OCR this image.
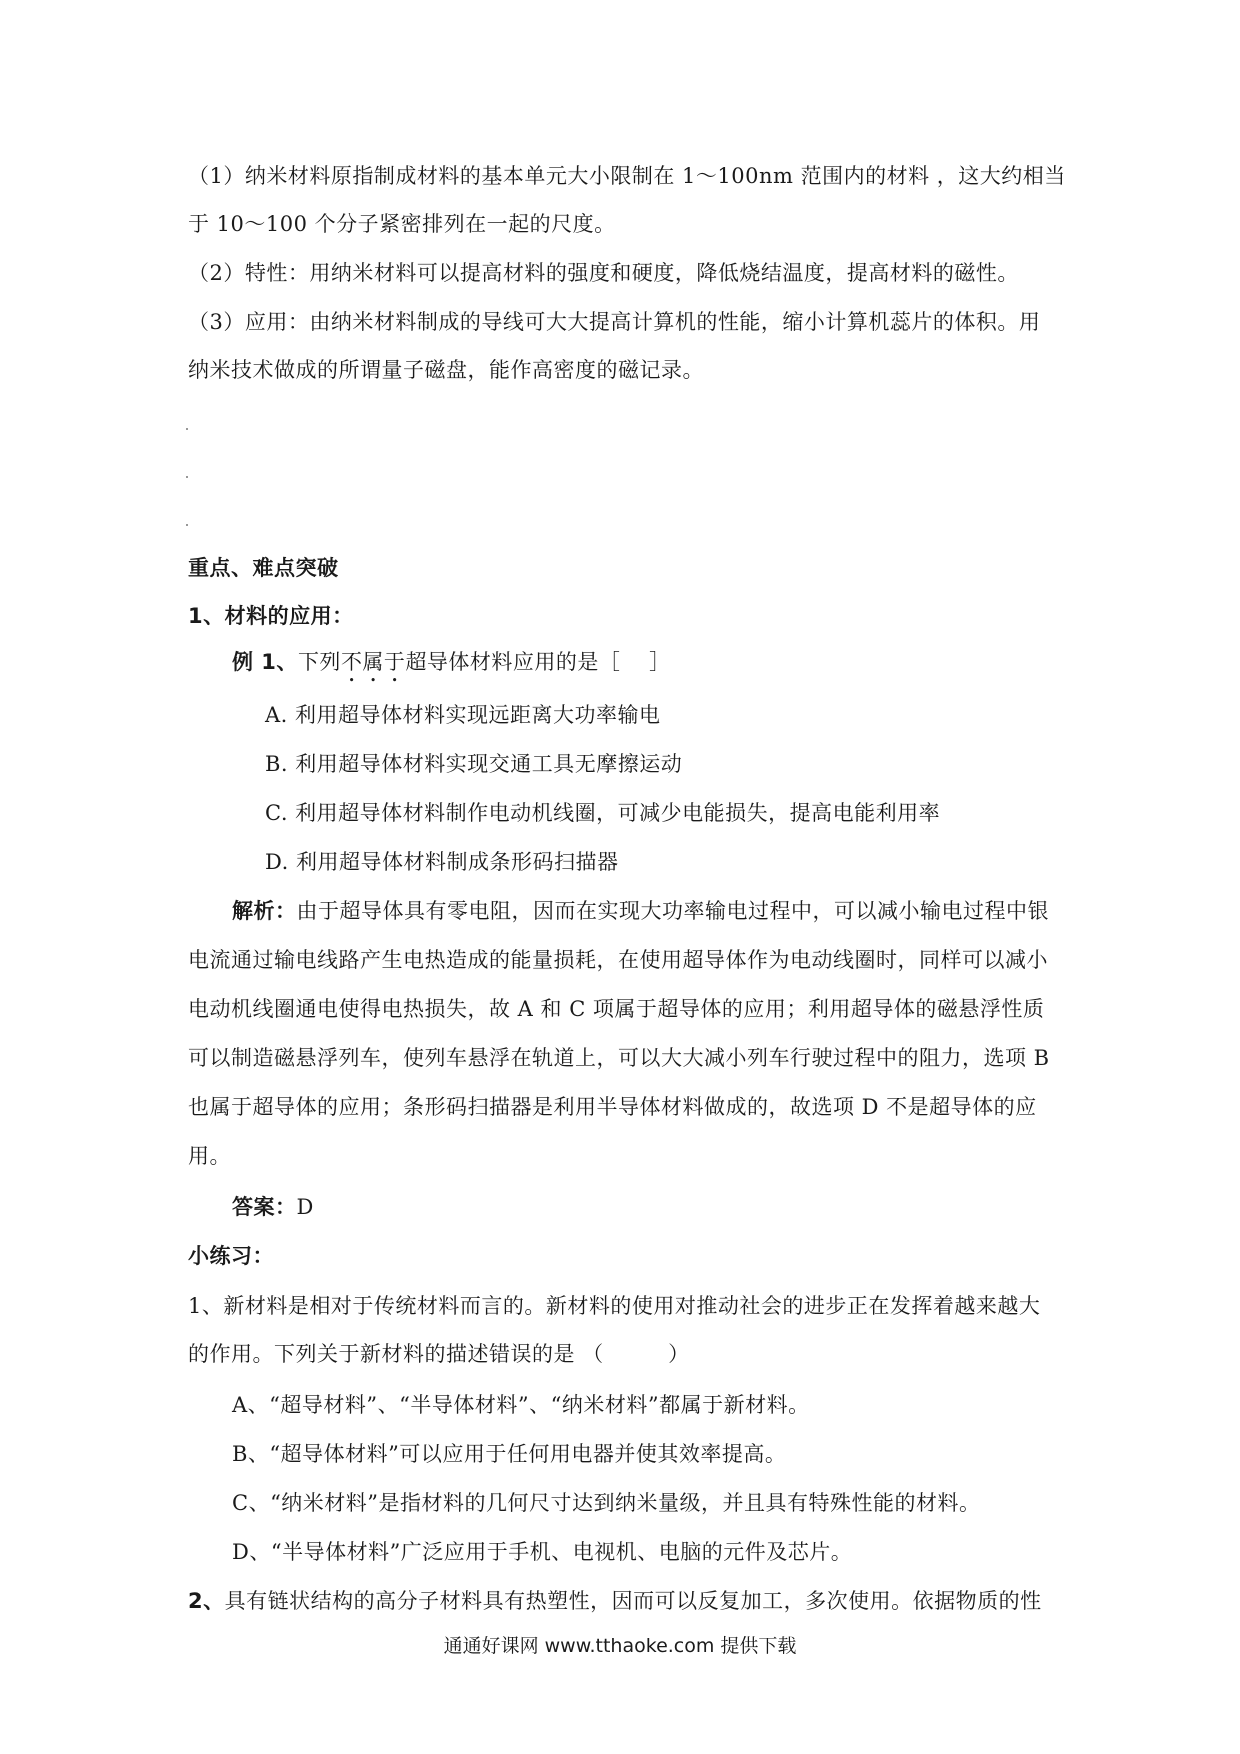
（1）纳米材料原指制成材料的基本单元大小限制在 1～100nm 范围内的材料 ，这大约相当
于 10～100 个分子紧密排列在一起的尺度。
（2）特性：用纳米材料可以提高材料的强度和硬度，降低烧结温度，提高材料的磁性。
（3）应用：由纳米材料制成的导线可大大提高计算机的性能，缩小计算机蕊片的体积。用
纳米技术做成的所谓量子磁盘，能作高密度的磁记录。
重点、难点突破
1、材料的应用：
例 1、下列不属于超导体材料应用的是［　 ］
A. 利用超导体材料实现远距离大功率输电
B. 利用超导体材料实现交通工具无摩擦运动
C. 利用超导体材料制作电动机线圈，可减少电能损失，提高电能利用率
D. 利用超导体材料制成条形码扫描器
解析：由于超导体具有零电阻，因而在实现大功率输电过程中，可以减小输电过程中银
电流通过输电线路产生电热造成的能量损耗，在使用超导体作为电动线圈时，同样可以减小
电动机线圈通电使得电热损失，故 A 和 C 项属于超导体的应用；利用超导体的磁悬浮性质
可以制造磁悬浮列车，使列车悬浮在轨道上，可以大大减小列车行驶过程中的阻力，选项 B
也属于超导体的应用；条形码扫描器是利用半导体材料做成的，故选项 D 不是超导体的应
用。
答案：D
小练习：
1、新材料是相对于传统材料而言的。新材料的使用对推动社会的进步正在发挥着越来越大
的作用。下列关于新材料的描述错误的是 （　　　）
A、“超导材料”、“半导体材料”、“纳米材料”都属于新材料。
B、“超导体材料”可以应用于任何用电器并使其效率提高。
C、“纳米材料”是指材料的几何尺寸达到纳米量级，并且具有特殊性能的材料。
D、“半导体材料”广泛应用于手机、电视机、电脑的元件及芯片。
2、具有链状结构的高分子材料具有热塑性，因而可以反复加工，多次使用。依据物质的性
通通好课网 www.tthaoke.com 提供下载
